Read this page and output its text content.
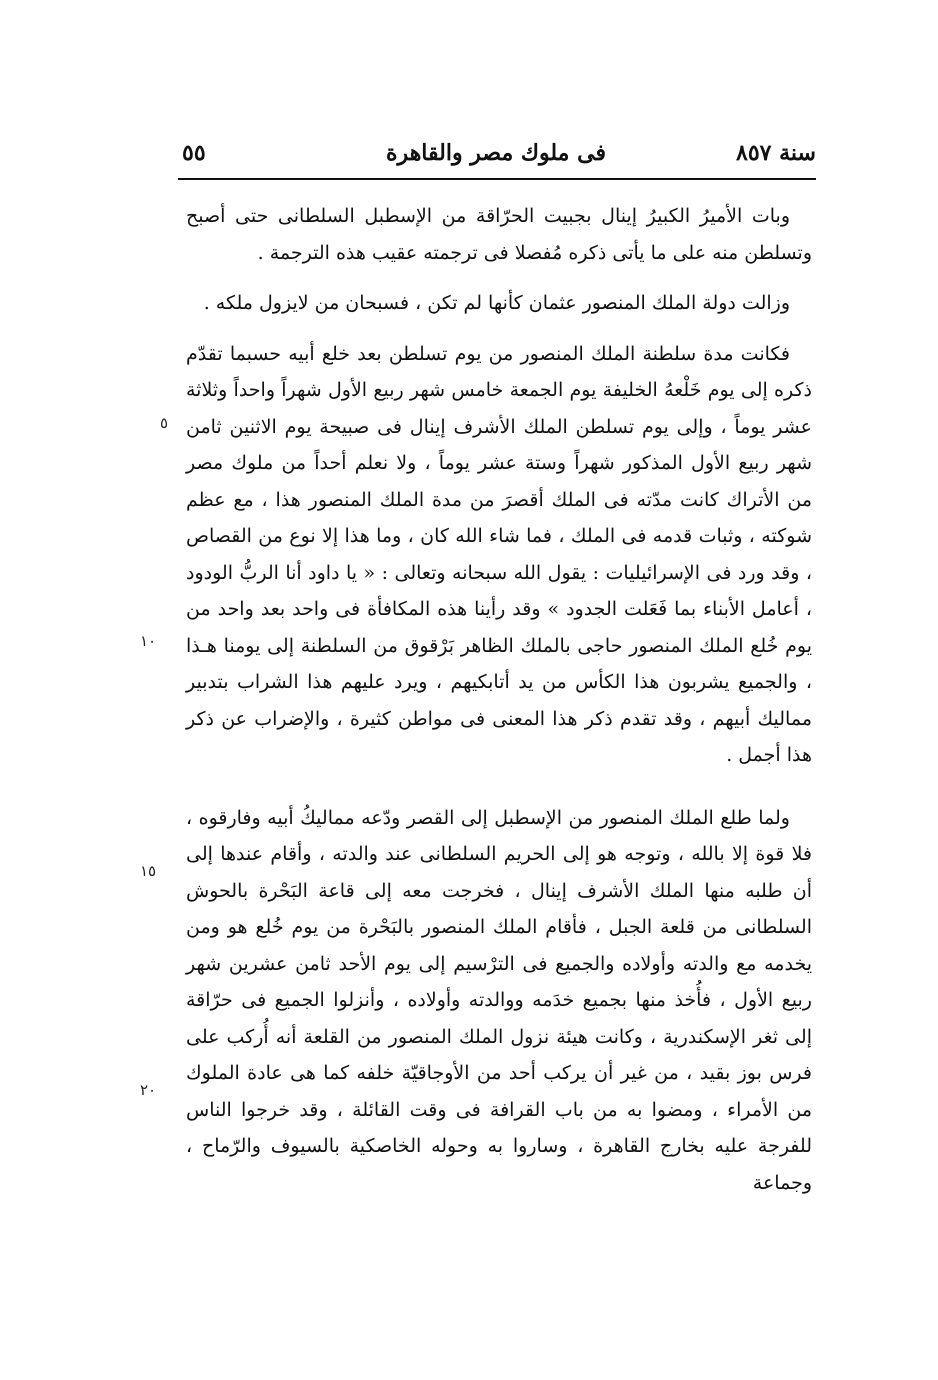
سنة ٨٥٧
فى ملوك مصر والقاهرة
٥٥

وبات الأميرُ الكبيرُ إينال بجبيت الحرّاقة من الإسطبل السلطانى حتى أصبح وتسلطن منه على ما يأتى ذكره مُفصلا فى ترجمته عقيب هذه الترجمة .

وزالت دولة الملك المنصور عثمان كأنها لم تكن ، فسبحان من لايزول ملكه .

فكانت مدة سلطنة الملك المنصور من يوم تسلطن بعد خلع أبيه حسبما تقدّم ذكره إلى يوم خَلْعهُ الخليفة يوم الجمعة خامس شهر ربيع الأول شهراً واحداً وثلاثة عشر يوماً ، وإلى يوم تسلطن الملك الأشرف إينال فى صبيحة يوم الاثنين ثامن شهر ربيع الأول المذكور شهراً وستة عشر يوماً ، ولا نعلم أحداً من ملوك مصر من الأتراك كانت مدّته فى الملك أقصرَ من مدة الملك المنصور هذا ، مع عظم شوكته ، وثبات قدمه فى الملك ، فما شاء الله كان ، وما هذا إلا نوع من القصاص ، وقد ورد فى الإسرائيليات : يقول الله سبحانه وتعالى : « يا داود أنا الربُّ الودود ، أعامل الأبناء بما فَعَلت الجدود » وقد رأينا هذه المكافأة فى واحد بعد واحد من يوم خُلع الملك المنصور حاجى بالملك الظاهر بَرْقوق من السلطنة إلى يومنا هـذا ، والجميع يشربون هذا الكأس من يد أتابكيهم ، ويرد عليهم هذا الشراب بتدبير مماليك أبيهم ، وقد تقدم ذكر هذا المعنى فى مواطن كثيرة ، والإضراب عن ذكر هذا أجمل .

ولما طلع الملك المنصور من الإسطبل إلى القصر ودّعه مماليكُ أبيه وفارقوه ، فلا قوة إلا بالله ، وتوجه هو إلى الحريم السلطانى عند والدته ، وأقام عندها إلى أن طلبه منها الملك الأشرف إينال ، فخرجت معه إلى قاعة البَحْرة بالحوش السلطانى من قلعة الجبل ، فأقام الملك المنصور بالبَحْرة من يوم خُلع هو ومن يخدمه مع والدته وأولاده والجميع فى الترْسيم إلى يوم الأحد ثامن عشرين شهر ربيع الأول ، فأُخذ منها بجميع خدَمه ووالدته وأولاده ، وأنزلوا الجميع فى حرّاقة إلى ثغر الإسكندرية ، وكانت هيئة نزول الملك المنصور من القلعة أنه أُركب على فرس بوز بقيد ، من غير أن يركب أحد من الأوجاقيّة خلفه كما هى عادة الملوك من الأمراء ، ومضوا به من باب القرافة فى وقت القائلة ، وقد خرجوا الناس للفرجة عليه بخارج القاهرة ، وساروا به وحوله الخاصكية بالسيوف والرّماح ، وجماعة

٥
١٠
١٥
٢٠
